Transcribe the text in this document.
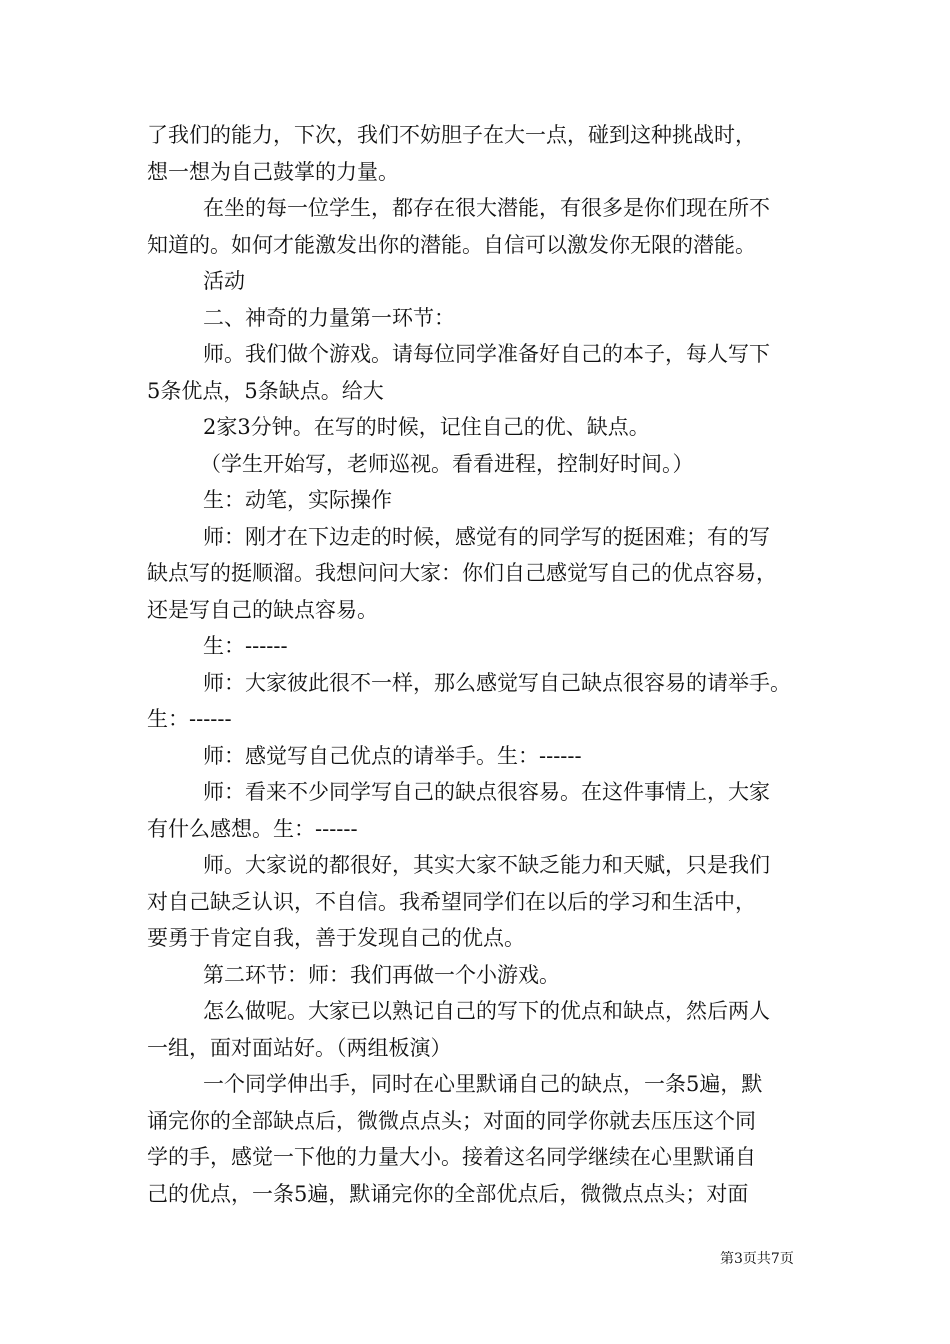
了我们的能力，下次，我们不妨胆子在大一点，碰到这种挑战时，
想一想为自己鼓掌的力量。
在坐的每一位学生，都存在很大潜能，有很多是你们现在所不
知道的。如何才能激发出你的潜能。自信可以激发你无限的潜能。
活动
二、神奇的力量第一环节：
师。我们做个游戏。请每位同学准备好自己的本子，每人写下
5条优点，5条缺点。给大
2家3分钟。在写的时候，记住自己的优、缺点。
（学生开始写，老师巡视。看看进程，控制好时间。）
生：动笔，实际操作
师：刚才在下边走的时候，感觉有的同学写的挺困难；有的写
缺点写的挺顺溜。我想问问大家：你们自己感觉写自己的优点容易，
还是写自己的缺点容易。
生：------
师：大家彼此很不一样，那么感觉写自己缺点很容易的请举手。
生：------
师：感觉写自己优点的请举手。生：------
师：看来不少同学写自己的缺点很容易。在这件事情上，大家
有什么感想。生：------
师。大家说的都很好，其实大家不缺乏能力和天赋，只是我们
对自己缺乏认识，不自信。我希望同学们在以后的学习和生活中，
要勇于肯定自我，善于发现自己的优点。
第二环节：师：我们再做一个小游戏。
怎么做呢。大家已以熟记自己的写下的优点和缺点，然后两人
一组，面对面站好。（两组板演）
一个同学伸出手，同时在心里默诵自己的缺点，一条5遍，默
诵完你的全部缺点后，微微点点头；对面的同学你就去压压这个同
学的手，感觉一下他的力量大小。接着这名同学继续在心里默诵自
己的优点，一条5遍，默诵完你的全部优点后，微微点点头；对面
第3页共7页
